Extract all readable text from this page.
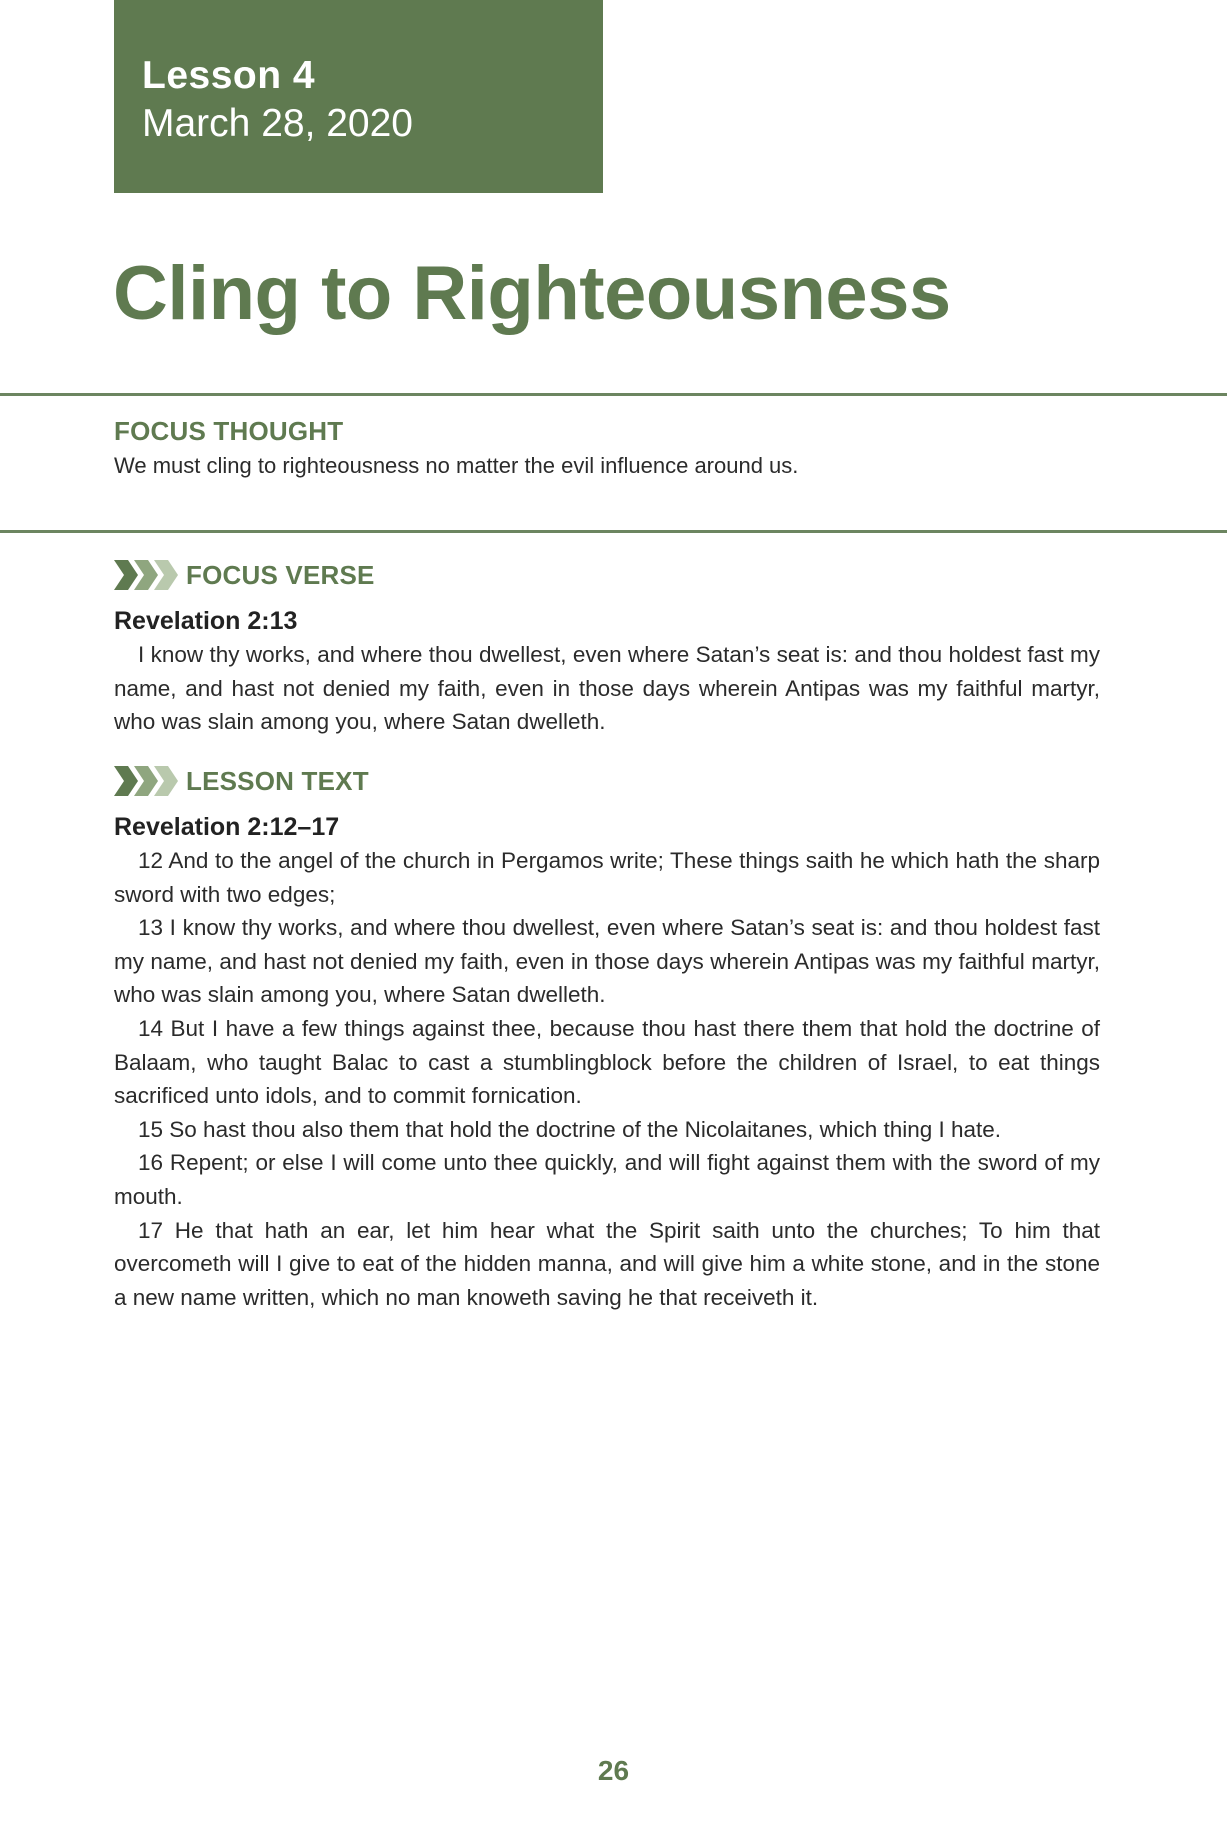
Lesson 4
March 28, 2020
Cling to Righteousness
FOCUS THOUGHT
We must cling to righteousness no matter the evil influence around us.
FOCUS VERSE
Revelation 2:13

I know thy works, and where thou dwellest, even where Satan’s seat is: and thou holdest fast my name, and hast not denied my faith, even in those days wherein Antipas was my faithful martyr, who was slain among you, where Satan dwelleth.

LESSON TEXT
Revelation 2:12–17

12 And to the angel of the church in Pergamos write; These things saith he which hath the sharp sword with two edges;

13 I know thy works, and where thou dwellest, even where Satan’s seat is: and thou holdest fast my name, and hast not denied my faith, even in those days wherein Antipas was my faithful martyr, who was slain among you, where Satan dwelleth.

14 But I have a few things against thee, because thou hast there them that hold the doctrine of Balaam, who taught Balac to cast a stumblingblock before the children of Israel, to eat things sacrificed unto idols, and to commit fornication.

15 So hast thou also them that hold the doctrine of the Nicolaitanes, which thing I hate.

16 Repent; or else I will come unto thee quickly, and will fight against them with the sword of my mouth.

17 He that hath an ear, let him hear what the Spirit saith unto the churches; To him that overcometh will I give to eat of the hidden manna, and will give him a white stone, and in the stone a new name written, which no man knoweth saving he that receiveth it.

26
